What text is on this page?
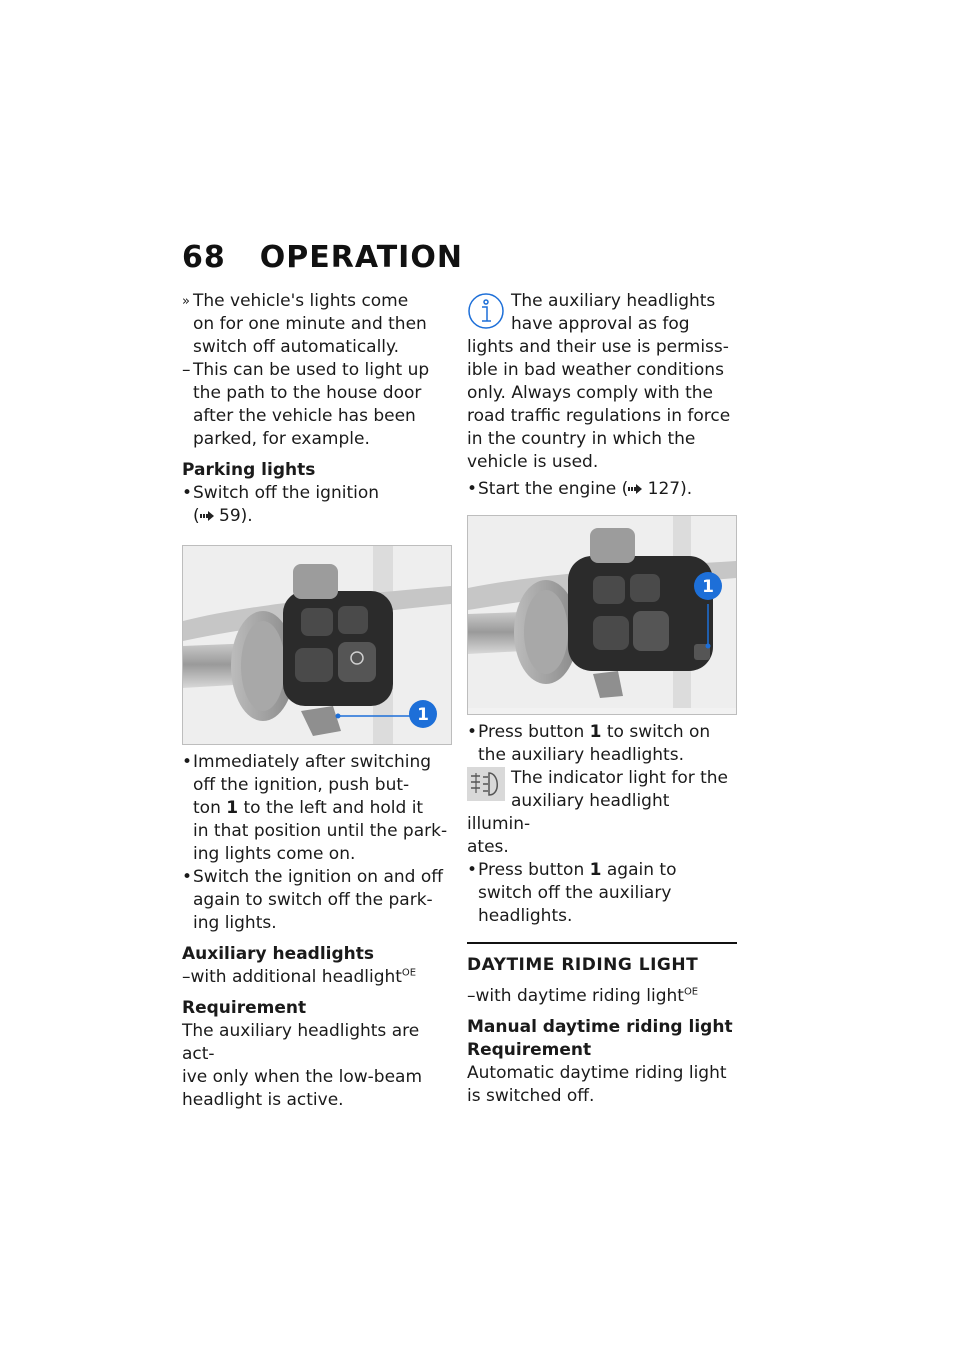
68 OPERATION
» The vehicle's lights come

on for one minute and then

switch off automatically.

– This can be used to light up

the path to the house door

after the vehicle has been

parked, for example.

Parking lights

• Switch off the ignition

( 59).

1
• Immediately after switching

off the ignition, push but-

ton 1 to the left and hold it

in that position until the park-

ing lights come on.

• Switch the ignition on and off

again to switch off the park-

ing lights.

Auxiliary headlights

–with additional headlight$^{OE}$

Requirement

The auxiliary headlights are act-

ive only when the low-beam

headlight is active.

The auxiliary headlights

have approval as fog

lights and their use is permiss-

ible in bad weather conditions

only. Always comply with the

road traffic regulations in force

in the country in which the

vehicle is used.

• Start the engine ( 127).

1
• Press button 1 to switch on

the auxiliary headlights.

The indicator light for the

auxiliary headlight illumin-

ates.

• Press button 1 again to

switch off the auxiliary

headlights.

DAYTIME RIDING LIGHT

–with daytime riding light$^{OE}$

Manual daytime riding light

Requirement

Automatic daytime riding light

is switched off.
